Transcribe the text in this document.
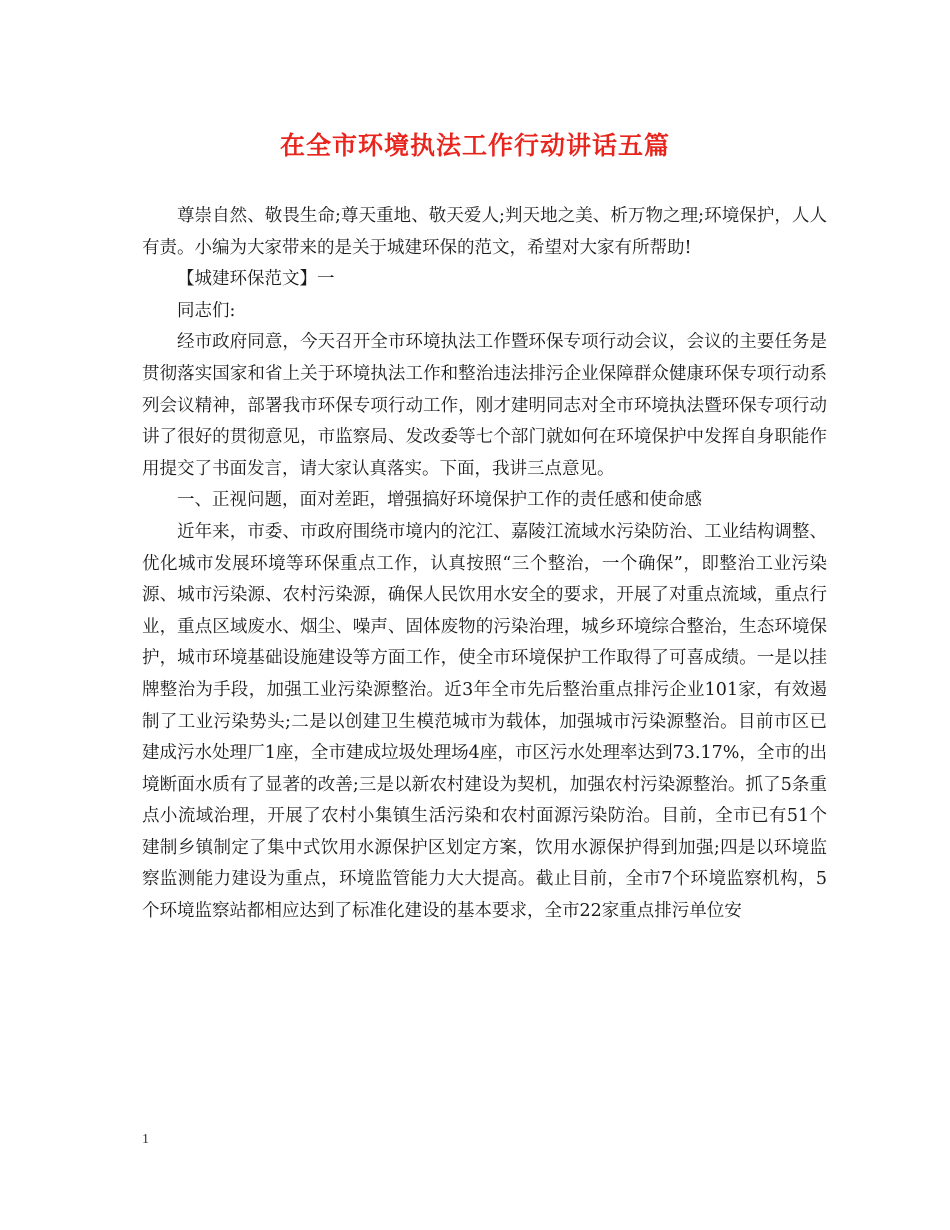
在全市环境执法工作行动讲话五篇

尊崇自然、敬畏生命;尊天重地、敬天爱人;判天地之美、析万物之理;环境保护，人人有责。小编为大家带来的是关于城建环保的范文，希望对大家有所帮助!

【城建环保范文】一

同志们:

经市政府同意，今天召开全市环境执法工作暨环保专项行动会议，会议的主要任务是贯彻落实国家和省上关于环境执法工作和整治违法排污企业保障群众健康环保专项行动系列会议精神，部署我市环保专项行动工作，刚才建明同志对全市环境执法暨环保专项行动讲了很好的贯彻意见，市监察局、发改委等七个部门就如何在环境保护中发挥自身职能作用提交了书面发言，请大家认真落实。下面，我讲三点意见。

一、正视问题，面对差距，增强搞好环境保护工作的责任感和使命感

近年来，市委、市政府围绕市境内的沱江、嘉陵江流域水污染防治、工业结构调整、优化城市发展环境等环保重点工作，认真按照“三个整治，一个确保”，即整治工业污染源、城市污染源、农村污染源，确保人民饮用水安全的要求，开展了对重点流域，重点行业，重点区域废水、烟尘、噪声、固体废物的污染治理，城乡环境综合整治，生态环境保护，城市环境基础设施建设等方面工作，使全市环境保护工作取得了可喜成绩。一是以挂牌整治为手段，加强工业污染源整治。近3年全市先后整治重点排污企业101家，有效遏制了工业污染势头;二是以创建卫生模范城市为载体，加强城市污染源整治。目前市区已建成污水处理厂1座，全市建成垃圾处理场4座，市区污水处理率达到73.17%，全市的出境断面水质有了显著的改善;三是以新农村建设为契机，加强农村污染源整治。抓了5条重点小流域治理，开展了农村小集镇生活污染和农村面源污染防治。目前，全市已有51个建制乡镇制定了集中式饮用水源保护区划定方案，饮用水源保护得到加强;四是以环境监察监测能力建设为重点，环境监管能力大大提高。截止目前，全市7个环境监察机构，5个环境监察站都相应达到了标准化建设的基本要求，全市22家重点排污单位安

1
